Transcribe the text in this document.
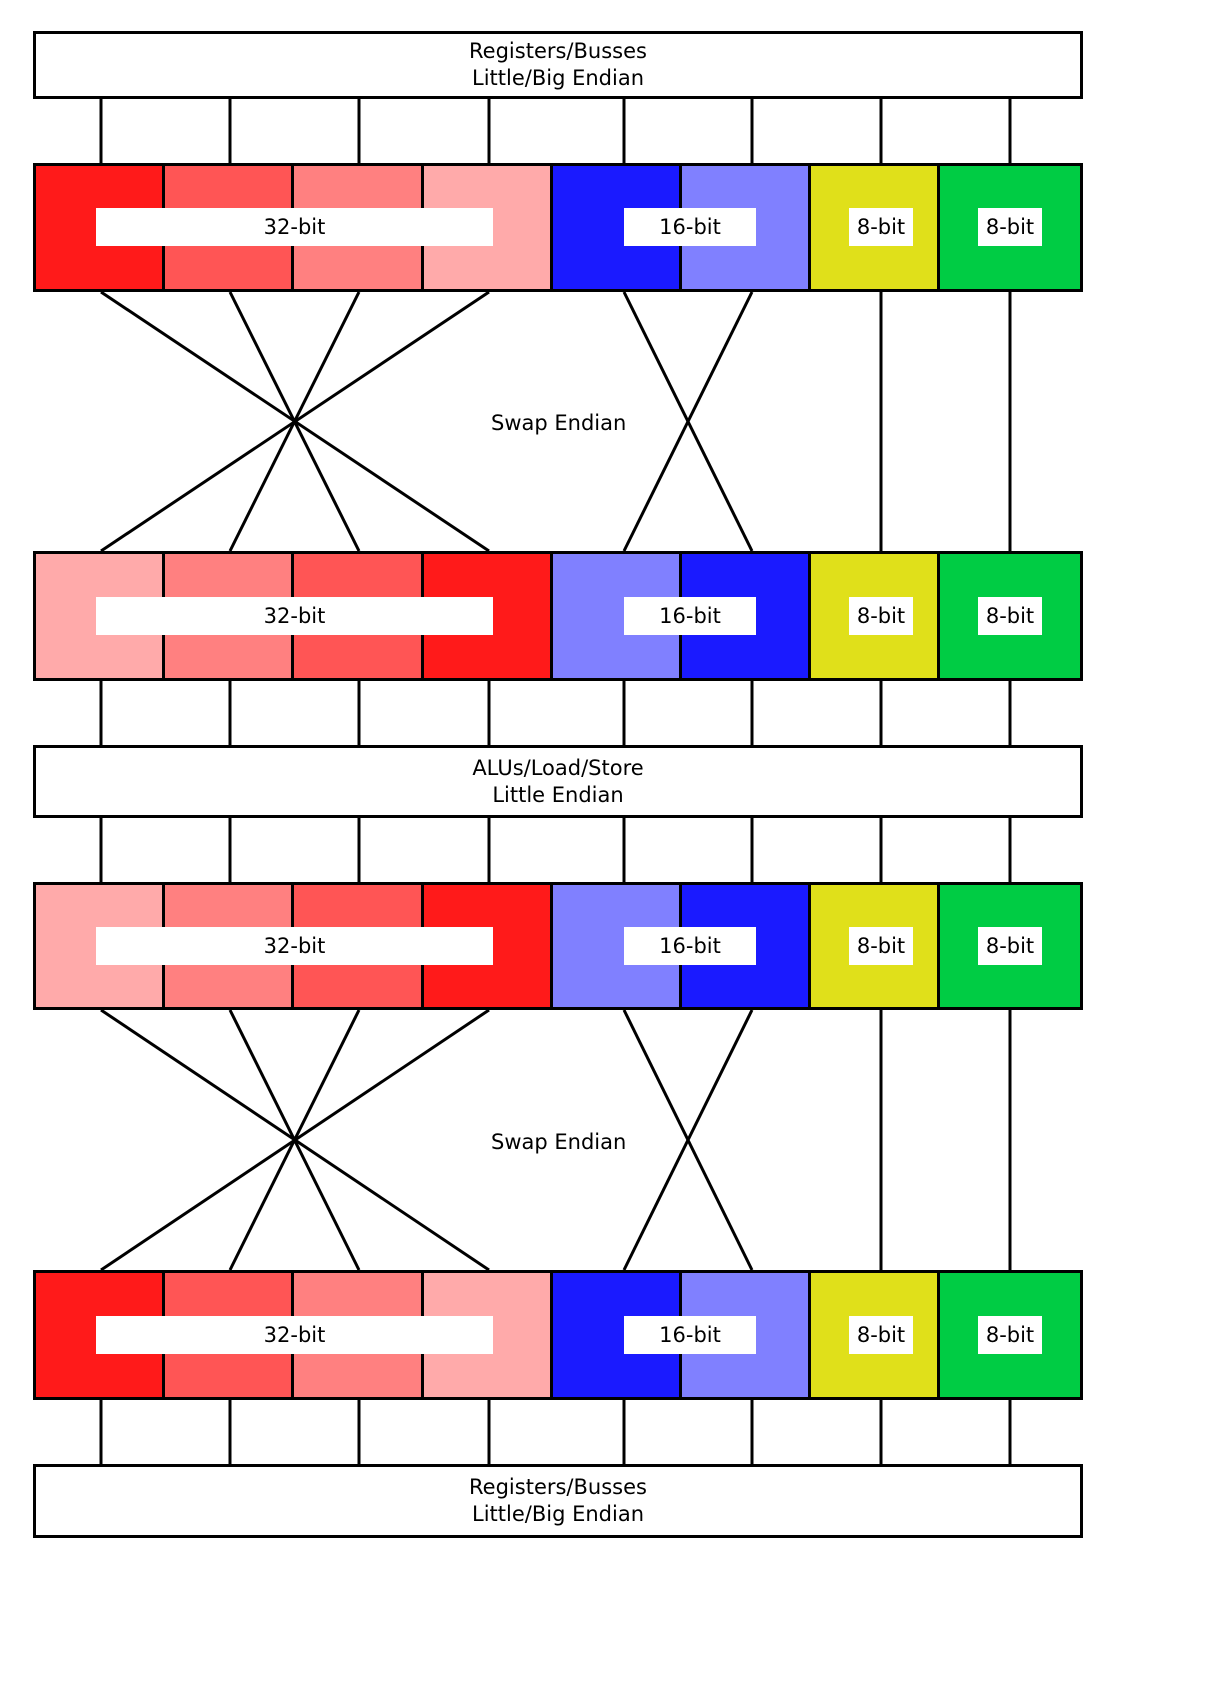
Registers/Busses
Little/Big Endian
32-bit	16-bit	8-bit	8-bit
Swap Endian
32-bit	16-bit	8-bit	8-bit
ALUs/Load/Store
Little Endian
32-bit	16-bit	8-bit	8-bit
Swap Endian
32-bit	16-bit	8-bit	8-bit
Registers/Busses
Little/Big Endian
